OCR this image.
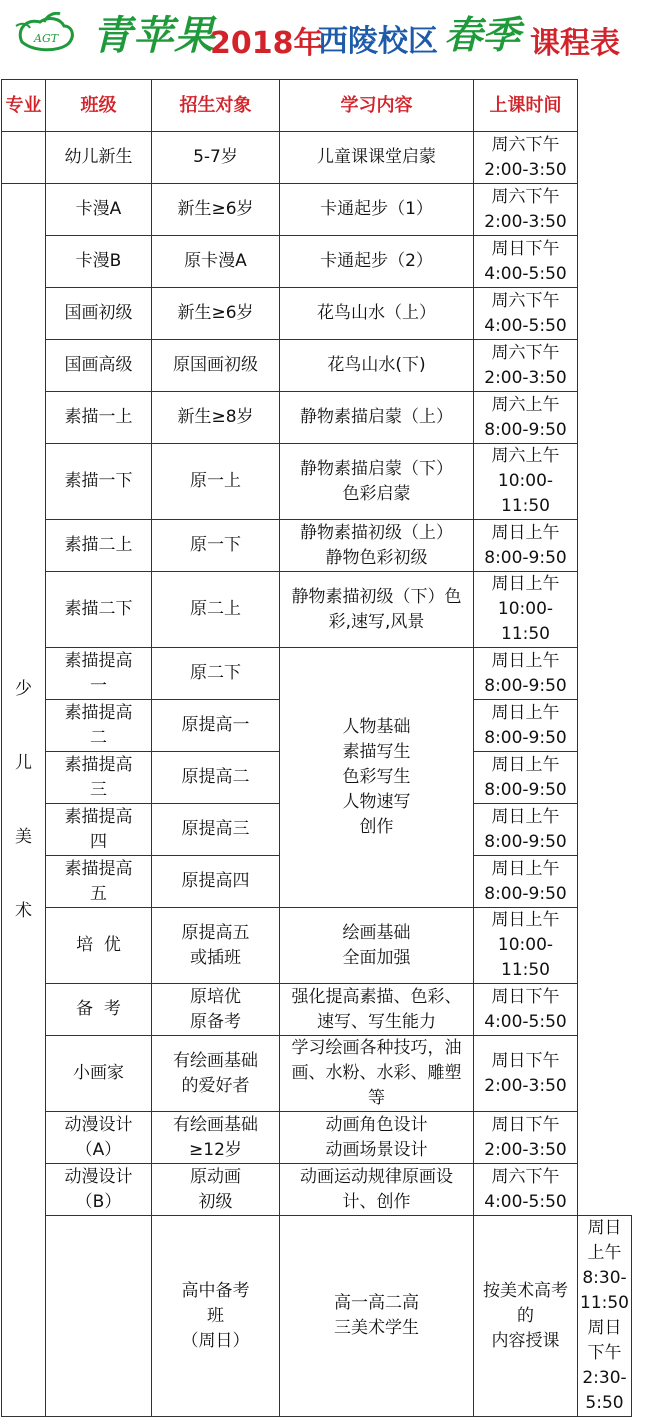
AGT 青苹果
2018年
西陵校区 春季 课程表
专业	班级	招生对象	学习内容	上课时间	
	幼儿新生	5-7岁	儿童课课堂启蒙	周六下午
2:00-3:50	

少
儿
美
术	卡漫A	新生≥6岁	卡通起步（1）	周六下午
2:00-3:50	
	卡漫B	原卡漫A	卡通起步（2）	周日下午
4:00-5:50	
	国画初级	新生≥6岁	花鸟山水（上）	周六下午
4:00-5:50	
	国画高级	原国画初级	花鸟山水(下)	周六下午
2:00-3:50	
	素描一上	新生≥8岁	静物素描启蒙（上）	周六上午
8:00-9:50	
	素描一下	原一上	静物素描启蒙（下）
色彩启蒙	周六上午
10:00-11:50	
	素描二上	原一下	静物素描初级（上）
静物色彩初级	周日上午
8:00-9:50	
	素描二下	原二上	静物素描初级（下）色
彩,速写,风景	周日上午
10:00-11:50	
	素描提高
一	原二下	人物基础
素描写生
色彩写生
人物速写
创作	周日上午
8:00-9:50	
	素描提高
二	原提高一		周日上午
8:00-9:50	
	素描提高
三	原提高二		周日上午
8:00-9:50	
	素描提高
四	原提高三		周日上午
8:00-9:50	
	素描提高
五	原提高四		周日上午
8:00-9:50	
	培  优	原提高五
或插班	绘画基础
全面加强	周日上午
10:00-11:50	
	备  考	原培优
原备考	强化提高素描、色彩、
速写、写生能力	周日下午
4:00-5:50	
	小画家	有绘画基础
的爱好者	学习绘画各种技巧，油
画、水粉、水彩、雕塑
等	周日下午
2:00-3:50	
	动漫设计
（A）	有绘画基础
≥12岁	动画角色设计
动画场景设计	周日下午
2:00-3:50	
	动漫设计
（B）	原动画
初级	动画运动规律原画设
计、创作	周六下午
4:00-5:50	
		高中备考
班
（周日）	高一高二高
三美术学生	按美术高考的
内容授课	周日上午
8:30-11:50
周日下午
2:30-5:50
